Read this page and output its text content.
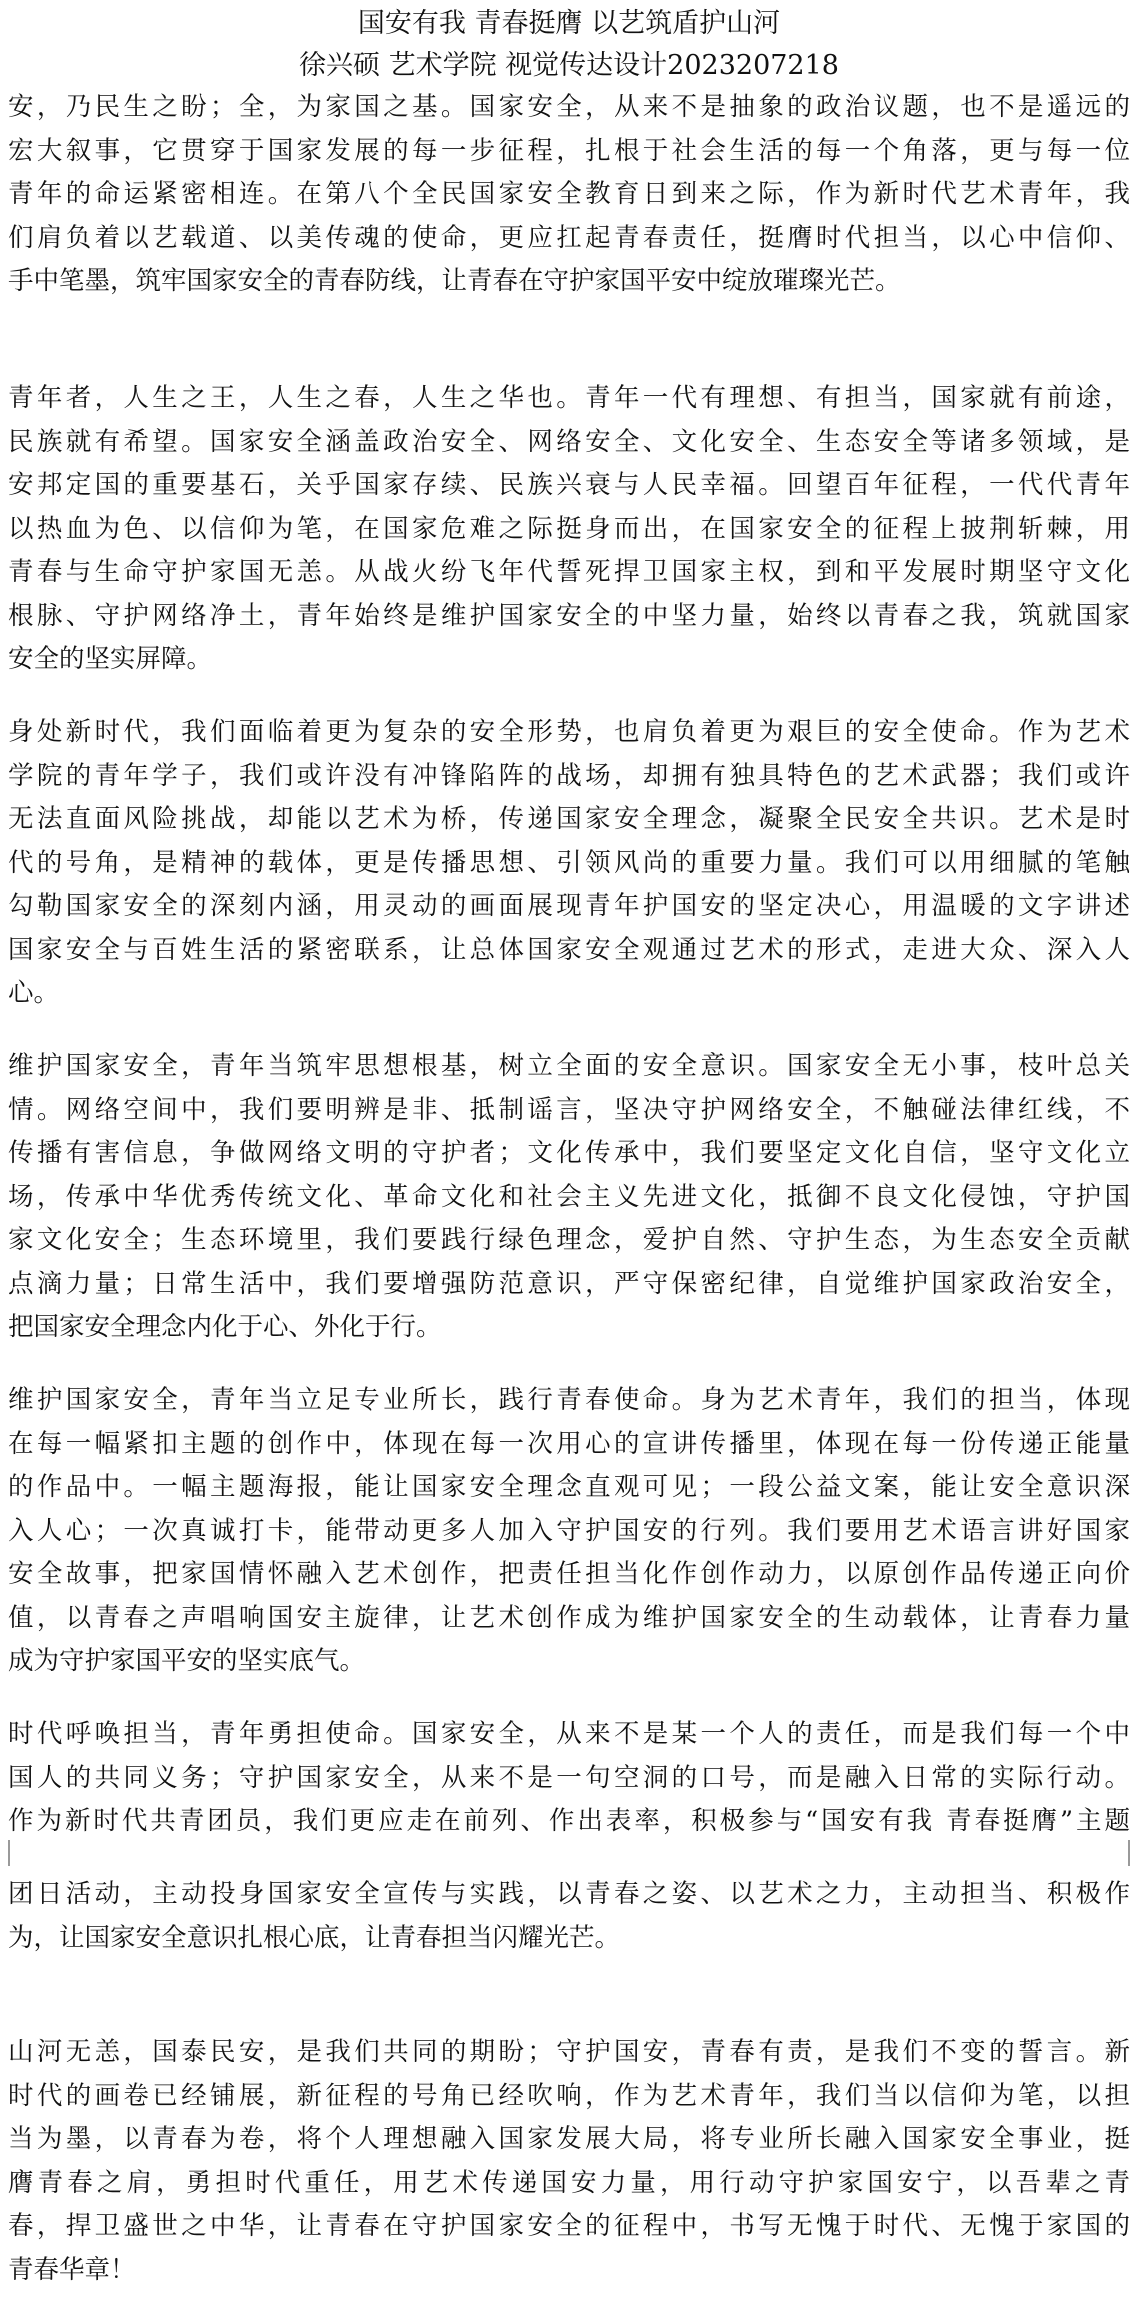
国安有我 青春挺膺 以艺筑盾护山河
徐兴硕 艺术学院 视觉传达设计2023207218
安，乃民生之盼；全，为家国之基。国家安全，从来不是抽象的政治议题，也不是遥远的
宏大叙事，它贯穿于国家发展的每一步征程，扎根于社会生活的每一个角落，更与每一位
青年的命运紧密相连。在第八个全民国家安全教育日到来之际，作为新时代艺术青年，我
们肩负着以艺载道、以美传魂的使命，更应扛起青春责任，挺膺时代担当，以心中信仰、
手中笔墨，筑牢国家安全的青春防线，让青春在守护家国平安中绽放璀璨光芒。
青年者，人生之王，人生之春，人生之华也。青年一代有理想、有担当，国家就有前途，
民族就有希望。国家安全涵盖政治安全、网络安全、文化安全、生态安全等诸多领域，是
安邦定国的重要基石，关乎国家存续、民族兴衰与人民幸福。回望百年征程，一代代青年
以热血为色、以信仰为笔，在国家危难之际挺身而出，在国家安全的征程上披荆斩棘，用
青春与生命守护家国无恙。从战火纷飞年代誓死捍卫国家主权，到和平发展时期坚守文化
根脉、守护网络净土，青年始终是维护国家安全的中坚力量，始终以青春之我，筑就国家
安全的坚实屏障。
身处新时代，我们面临着更为复杂的安全形势，也肩负着更为艰巨的安全使命。作为艺术
学院的青年学子，我们或许没有冲锋陷阵的战场，却拥有独具特色的艺术武器；我们或许
无法直面风险挑战，却能以艺术为桥，传递国家安全理念，凝聚全民安全共识。艺术是时
代的号角，是精神的载体，更是传播思想、引领风尚的重要力量。我们可以用细腻的笔触
勾勒国家安全的深刻内涵，用灵动的画面展现青年护国安的坚定决心，用温暖的文字讲述
国家安全与百姓生活的紧密联系，让总体国家安全观通过艺术的形式，走进大众、深入人
心。
维护国家安全，青年当筑牢思想根基，树立全面的安全意识。国家安全无小事，枝叶总关
情。网络空间中，我们要明辨是非、抵制谣言，坚决守护网络安全，不触碰法律红线，不
传播有害信息，争做网络文明的守护者；文化传承中，我们要坚定文化自信，坚守文化立
场，传承中华优秀传统文化、革命文化和社会主义先进文化，抵御不良文化侵蚀，守护国
家文化安全；生态环境里，我们要践行绿色理念，爱护自然、守护生态，为生态安全贡献
点滴力量；日常生活中，我们要增强防范意识，严守保密纪律，自觉维护国家政治安全，
把国家安全理念内化于心、外化于行。
维护国家安全，青年当立足专业所长，践行青春使命。身为艺术青年，我们的担当，体现
在每一幅紧扣主题的创作中，体现在每一次用心的宣讲传播里，体现在每一份传递正能量
的作品中。一幅主题海报，能让国家安全理念直观可见；一段公益文案，能让安全意识深
入人心；一次真诚打卡，能带动更多人加入守护国安的行列。我们要用艺术语言讲好国家
安全故事，把家国情怀融入艺术创作，把责任担当化作创作动力，以原创作品传递正向价
值，以青春之声唱响国安主旋律，让艺术创作成为维护国家安全的生动载体，让青春力量
成为守护家国平安的坚实底气。
时代呼唤担当，青年勇担使命。国家安全，从来不是某一个人的责任，而是我们每一个中
国人的共同义务；守护国家安全，从来不是一句空洞的口号，而是融入日常的实际行动。
作为新时代共青团员，我们更应走在前列、作出表率，积极参与“国安有我 青春挺膺”主题
团日活动，主动投身国家安全宣传与实践，以青春之姿、以艺术之力，主动担当、积极作
为，让国家安全意识扎根心底，让青春担当闪耀光芒。
山河无恙，国泰民安，是我们共同的期盼；守护国安，青春有责，是我们不变的誓言。新
时代的画卷已经铺展，新征程的号角已经吹响，作为艺术青年，我们当以信仰为笔，以担
当为墨，以青春为卷，将个人理想融入国家发展大局，将专业所长融入国家安全事业，挺
膺青春之肩，勇担时代重任，用艺术传递国安力量，用行动守护家国安宁，以吾辈之青
春，捍卫盛世之中华，让青春在守护国家安全的征程中，书写无愧于时代、无愧于家国的
青春华章！
